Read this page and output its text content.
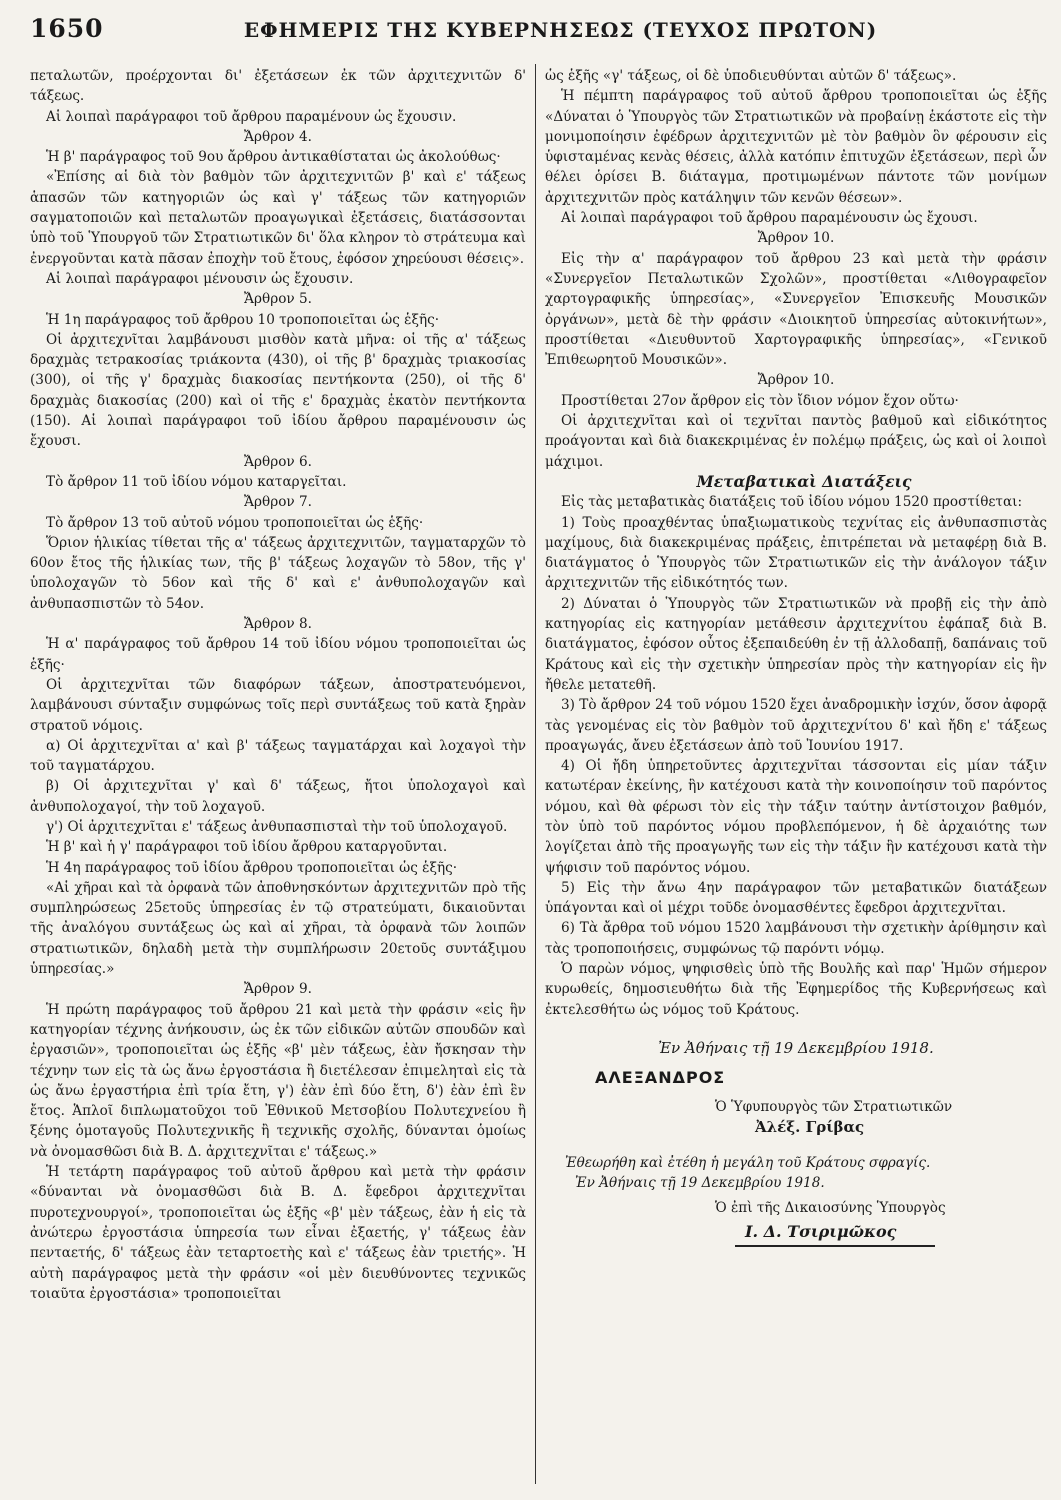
1650	ΕΦΗΜΕΡΙΣ ΤΗΣ ΚΥΒΕΡΝΗΣΕΩΣ (ΤΕΥΧΟΣ ΠΡΩΤΟΝ)

πεταλωτῶν, προέρχονται δι' ἐξετάσεων ἐκ τῶν ἀρχιτεχνιτῶν δ' τάξεως.

Αἱ λοιπαὶ παράγραφοι τοῦ ἄρθρου παραμένουν ὡς ἔχουσιν.

Ἄρθρον 4.

Ἡ β' παράγραφος τοῦ 9ου ἄρθρου ἀντικαθίσταται ὡς ἀκολούθως·

«Ἐπίσης αἱ διὰ τὸν βαθμὸν τῶν ἀρχιτεχνιτῶν β' καὶ ε' τάξεως ἁπασῶν τῶν κατηγοριῶν ὡς καὶ γ' τάξεως τῶν κατηγοριῶν σαγματοποιῶν καὶ πεταλωτῶν προαγωγικαὶ ἐξετάσεις, διατάσσονται ὑπὸ τοῦ Ὑπουργοῦ τῶν Στρατιωτικῶν δι' ὅλα κληρον τὸ στράτευμα καὶ ἐνεργοῦνται κατὰ πᾶσαν ἐποχὴν τοῦ ἔτους, ἐφόσον χηρεύουσι θέσεις».

Αἱ λοιπαὶ παράγραφοι μένουσιν ὡς ἔχουσιν.

Ἄρθρον 5.

Ἡ 1η παράγραφος τοῦ ἄρθρου 10 τροποποιεῖται ὡς ἑξῆς·

Οἱ ἀρχιτεχνῖται λαμβάνουσι μισθὸν κατὰ μῆνα: οἱ τῆς α' τάξεως δραχμὰς τετρακοσίας τριάκοντα (430), οἱ τῆς β' δραχμὰς τριακοσίας (300), οἱ τῆς γ' δραχμὰς διακοσίας πεντήκοντα (250), οἱ τῆς δ' δραχμὰς διακοσίας (200) καὶ οἱ τῆς ε' δραχμὰς ἑκατὸν πεντήκοντα (150). Αἱ λοιπαὶ παράγραφοι τοῦ ἰδίου ἄρθρου παραμένουσιν ὡς ἔχουσι.

Ἄρθρον 6.

Τὸ ἄρθρον 11 τοῦ ἰδίου νόμου καταργεῖται.

Ἄρθρον 7.

Τὸ ἄρθρον 13 τοῦ αὐτοῦ νόμου τροποποιεῖται ὡς ἑξῆς·

Ὅριον ἡλικίας τίθεται τῆς α' τάξεως ἀρχιτεχνιτῶν, ταγματαρχῶν τὸ 60ον ἔτος τῆς ἡλικίας των, τῆς β' τάξεως λοχαγῶν τὸ 58ον, τῆς γ' ὑπολοχαγῶν τὸ 56ον καὶ τῆς δ' καὶ ε' ἀνθυπολοχαγῶν καὶ ἀνθυπασπιστῶν τὸ 54ον.

Ἄρθρον 8.

Ἡ α' παράγραφος τοῦ ἄρθρου 14 τοῦ ἰδίου νόμου τροποποιεῖται ὡς ἑξῆς·

Οἱ ἀρχιτεχνῖται τῶν διαφόρων τάξεων, ἀποστρατευόμενοι, λαμβάνουσι σύνταξιν συμφώνως τοῖς περὶ συντάξεως τοῦ κατὰ ξηρὰν στρατοῦ νόμοις.

α) Οἱ ἀρχιτεχνῖται α' καὶ β' τάξεως ταγματάρχαι καὶ λοχαγοὶ τὴν τοῦ ταγματάρχου.

β) Οἱ ἀρχιτεχνῖται γ' καὶ δ' τάξεως, ἤτοι ὑπολοχαγοὶ καὶ ἀνθυπολοχαγοί, τὴν τοῦ λοχαγοῦ.

γ') Οἱ ἀρχιτεχνῖται ε' τάξεως ἀνθυπασπισταὶ τὴν τοῦ ὑπολοχαγοῦ.

Ἡ β' καὶ ἡ γ' παράγραφοι τοῦ ἰδίου ἄρθρου καταργοῦνται.

Ἡ 4η παράγραφος τοῦ ἰδίου ἄρθρου τροποποιεῖται ὡς ἑξῆς·

«Αἱ χῆραι καὶ τὰ ὀρφανὰ τῶν ἀποθνησκόντων ἀρχιτεχνιτῶν πρὸ τῆς συμπληρώσεως 25ετοῦς ὑπηρεσίας ἐν τῷ στρατεύματι, δικαιοῦνται τῆς ἀναλόγου συντάξεως ὡς καὶ αἱ χῆραι, τὰ ὀρφανὰ τῶν λοιπῶν στρατιωτικῶν, δηλαδὴ μετὰ τὴν συμπλήρωσιν 20ετοῦς συντάξιμου ὑπηρεσίας.»

Ἄρθρον 9.

Ἡ πρώτη παράγραφος τοῦ ἄρθρου 21 καὶ μετὰ τὴν φράσιν «εἰς ἣν κατηγορίαν τέχνης ἀνήκουσιν, ὡς ἐκ τῶν εἰδικῶν αὐτῶν σπουδῶν καὶ ἐργασιῶν», τροποποιεῖται ὡς ἑξῆς «β' μὲν τάξεως, ἐὰν ἤσκησαν τὴν τέχνην των εἰς τὰ ὡς ἄνω ἐργοστάσια ἢ διετέλεσαν ἐπιμεληταὶ εἰς τὰ ὡς ἄνω ἐργαστήρια ἐπὶ τρία ἔτη, γ') ἐὰν ἐπὶ δύο ἔτη, δ') ἐὰν ἐπὶ ἓν ἔτος. Ἁπλοῖ διπλωματοῦχοι τοῦ Ἐθνικοῦ Μετσοβίου Πολυτεχνείου ἢ ξένης ὁμοταγοῦς Πολυτεχνικῆς ἢ τεχνικῆς σχολῆς, δύνανται ὁμοίως νὰ ὀνομασθῶσι διὰ Β. Δ. ἀρχιτεχνῖται ε' τάξεως.»

Ἡ τετάρτη παράγραφος τοῦ αὐτοῦ ἄρθρου καὶ μετὰ τὴν φράσιν «δύνανται νὰ ὀνομασθῶσι διὰ Β. Δ. ἔφεδροι ἀρχιτεχνῖται πυροτεχνουργοί», τροποποιεῖται ὡς ἑξῆς «β' μὲν τάξεως, ἐὰν ἡ εἰς τὰ ἀνώτερω ἐργοστάσια ὑπηρεσία των εἶναι ἐξαετής, γ' τάξεως ἐὰν πενταετής, δ' τάξεως ἐὰν τεταρτοετὴς καὶ ε' τάξεως ἐὰν τριετής». Ἡ αὐτὴ παράγραφος μετὰ τὴν φράσιν «οἱ μὲν διευθύνοντες τεχνικῶς τοιαῦτα ἐργοστάσια» τροποποιεῖται

ὡς ἑξῆς «γ' τάξεως, οἱ δὲ ὑποδιευθύνται αὐτῶν δ' τάξεως».

Ἡ πέμπτη παράγραφος τοῦ αὐτοῦ ἄρθρου τροποποιεῖται ὡς ἑξῆς «Δύναται ὁ Ὑπουργὸς τῶν Στρατιωτικῶν νὰ προβαίνῃ ἑκάστοτε εἰς τὴν μονιμοποίησιν ἐφέδρων ἀρχιτεχνιτῶν μὲ τὸν βαθμὸν ὃν φέρουσιν εἰς ὑφισταμένας κενὰς θέσεις, ἀλλὰ κατόπιν ἐπιτυχῶν ἐξετάσεων, περὶ ὧν θέλει ὁρίσει Β. διάταγμα, προτιμωμένων πάντοτε τῶν μονίμων ἀρχιτεχνιτῶν πρὸς κατάληψιν τῶν κενῶν θέσεων».

Αἱ λοιπαὶ παράγραφοι τοῦ ἄρθρου παραμένουσιν ὡς ἔχουσι.

Ἄρθρον 10.

Εἰς τὴν α' παράγραφον τοῦ ἄρθρου 23 καὶ μετὰ τὴν φράσιν «Συνεργεῖον Πεταλωτικῶν Σχολῶν», προστίθεται «Λιθογραφεῖον χαρτογραφικῆς ὑπηρεσίας», «Συνεργεῖον Ἐπισκευῆς Μουσικῶν ὀργάνων», μετὰ δὲ τὴν φράσιν «Διοικητοῦ ὑπηρεσίας αὐτοκινήτων», προστίθεται «Διευθυντοῦ Χαρτογραφικῆς ὑπηρεσίας», «Γενικοῦ Ἐπιθεωρητοῦ Μουσικῶν».

Ἄρθρον 10.

Προστίθεται 27ον ἄρθρον εἰς τὸν ἴδιον νόμον ἔχον οὕτω·

Οἱ ἀρχιτεχνῖται καὶ οἱ τεχνῖται παντὸς βαθμοῦ καὶ εἰδικότητος προάγονται καὶ διὰ διακεκριμένας ἐν πολέμῳ πράξεις, ὡς καὶ οἱ λοιποὶ μάχιμοι.

Μεταβατικαὶ Διατάξεις

Εἰς τὰς μεταβατικὰς διατάξεις τοῦ ἰδίου νόμου 1520 προστίθεται:

1) Τοὺς προαχθέντας ὑπαξιωματικοὺς τεχνίτας εἰς ἀνθυπασπιστὰς μαχίμους, διὰ διακεκριμένας πράξεις, ἐπιτρέπεται νὰ μεταφέρῃ διὰ Β. διατάγματος ὁ Ὑπουργὸς τῶν Στρατιωτικῶν εἰς τὴν ἀνάλογον τάξιν ἀρχιτεχνιτῶν τῆς εἰδικότητός των.

2) Δύναται ὁ Ὑπουργὸς τῶν Στρατιωτικῶν νὰ προβῇ εἰς τὴν ἀπὸ κατηγορίας εἰς κατηγορίαν μετάθεσιν ἀρχιτεχνίτου ἐφάπαξ διὰ Β. διατάγματος, ἐφόσον οὗτος ἐξεπαιδεύθη ἐν τῇ ἀλλοδαπῇ, δαπάναις τοῦ Κράτους καὶ εἰς τὴν σχετικὴν ὑπηρεσίαν πρὸς τὴν κατηγορίαν εἰς ἣν ἤθελε μετατεθῆ.

3) Τὸ ἄρθρον 24 τοῦ νόμου 1520 ἔχει ἀναδρομικὴν ἰσχύν, ὅσον ἀφορᾷ τὰς γενομένας εἰς τὸν βαθμὸν τοῦ ἀρχιτεχνίτου δ' καὶ ἤδη ε' τάξεως προαγωγάς, ἄνευ ἐξετάσεων ἀπὸ τοῦ Ἰουνίου 1917.

4) Οἱ ἤδη ὑπηρετοῦντες ἀρχιτεχνῖται τάσσονται εἰς μίαν τάξιν κατωτέραν ἐκείνης, ἣν κατέχουσι κατὰ τὴν κοινοποίησιν τοῦ παρόντος νόμου, καὶ θὰ φέρωσι τὸν εἰς τὴν τάξιν ταύτην ἀντίστοιχον βαθμόν, τὸν ὑπὸ τοῦ παρόντος νόμου προβλεπόμενον, ἡ δὲ ἀρχαιότης των λογίζεται ἀπὸ τῆς προαγωγῆς των εἰς τὴν τάξιν ἣν κατέχουσι κατὰ τὴν ψήφισιν τοῦ παρόντος νόμου.

5) Εἰς τὴν ἄνω 4ην παράγραφον τῶν μεταβατικῶν διατάξεων ὑπάγονται καὶ οἱ μέχρι τοῦδε ὀνομασθέντες ἔφεδροι ἀρχιτεχνῖται.

6) Τὰ ἄρθρα τοῦ νόμου 1520 λαμβάνουσι τὴν σχετικὴν ἀρίθμησιν καὶ τὰς τροποποιήσεις, συμφώνως τῷ παρόντι νόμῳ.

Ὁ παρὼν νόμος, ψηφισθεὶς ὑπὸ τῆς Βουλῆς καὶ παρ' Ἡμῶν σήμερον κυρωθείς, δημοσιευθήτω διὰ τῆς Ἐφημερίδος τῆς Κυβερνήσεως καὶ ἐκτελεσθήτω ὡς νόμος τοῦ Κράτους.

Ἐν Ἀθήναις τῇ 19 Δεκεμβρίου 1918.
ΑΛΕΞΑΝΔΡΟΣ
Ὁ Ὑφυπουργὸς τῶν Στρατιωτικῶν
Ἀλέξ. Γρίβας
Ἐθεωρήθη καὶ ἐτέθη ἡ μεγάλη τοῦ Κράτους σφραγίς.
Ἐν Ἀθήναις τῇ 19 Δεκεμβρίου 1918.
Ὁ ἐπὶ τῆς Δικαιοσύνης Ὑπουργὸς
Ι. Δ. Τσιριμῶκος
